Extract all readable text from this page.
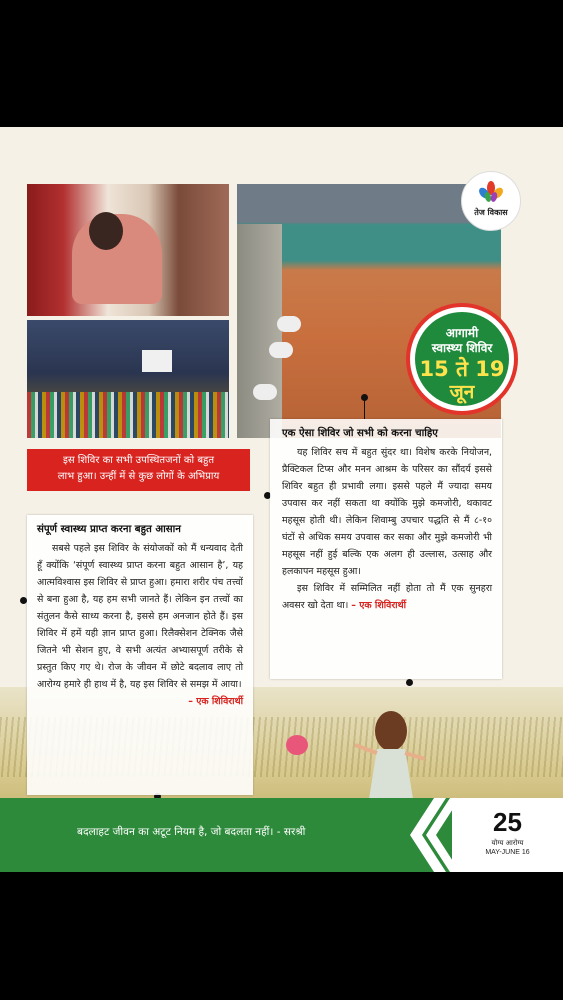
तेज विकास
आगामी
स्वास्थ्य शिविर
15 ते 19
जून
इस शिविर का सभी उपस्थितजनों को बहुत
लाभ हुआ। उन्हीं में से कुछ लोगों के अभिप्राय
एक ऐसा शिविर जो सभी को करना चाहिए

यह शिविर सच में बहुत सुंदर था। विशेष करके नियोजन, प्रैक्टिकल टिप्स और मनन आश्रम के परिसर का सौंदर्य इससे शिविर बहुत ही प्रभावी लगा। इससे पहले मैं ज्यादा समय उपवास कर नहीं सकता था क्योंकि मुझे कमजोरी, थकावट महसूस होती थी। लेकिन शिवाम्बु उपचार पद्धति से मैं ८-१० घंटों से अधिक समय उपवास कर सका और मुझे कमजोरी भी महसूस नहीं हुई बल्कि एक अलग ही उल्लास, उत्साह और हलकापन महसूस हुआ।

इस शिविर में सम्मिलित नहीं होता तो मैं एक सुनहरा अवसर खो देता था। – एक शिविरार्थी

संपूर्ण स्वास्थ्य प्राप्त करना बहुत आसान

सबसे पहले इस शिविर के संयोजकों को मैं धन्यवाद देती हूँ क्योंकि ‘संपूर्ण स्वास्थ्य प्राप्त करना बहुत आसान है’, यह आत्मविश्वास इस शिविर से प्राप्त हुआ। हमारा शरीर पंच तत्त्वों से बना हुआ है, यह हम सभी जानते हैं। लेकिन इन तत्त्वों का संतुलन कैसे साध्य करना है, इससे हम अनजान होते हैं। इस शिविर में हमें यही ज्ञान प्राप्त हुआ। रिलैक्सेशन टेक्निक जैसे जितने भी सेशन हुए, वे सभी अत्यंत अभ्यासपूर्ण तरीके से प्रस्तुत किए गए थे। रोज के जीवन में छोटे बदलाव लाए तो आरोग्य हमारे ही हाथ में है, यह इस शिविर से समझ में आया।

– एक शिविरार्थी
बदलाहट जीवन का अटूट नियम है, जो बदलता नहीं। - सरश्री	25
योग्य आरोग्य
MAY-JUNE 16
